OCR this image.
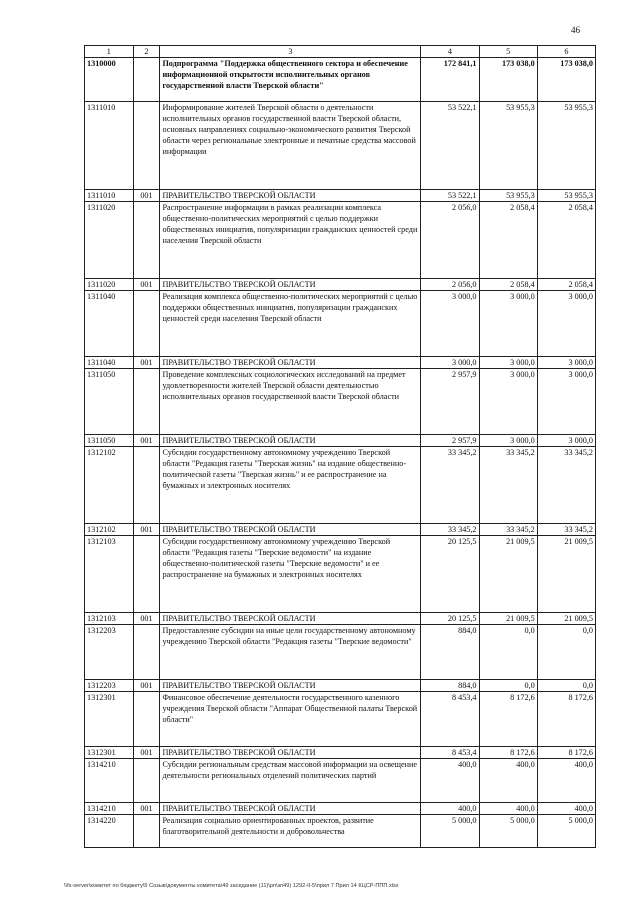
46
1	2	3	4	5	6
1310000		Подпрограмма "Поддержка общественного сектора и обеспечение информационной открытости исполнительных органов государственной власти Тверской области"	172 841,1	173 038,0	173 038,0
1311010		Информирование жителей Тверской области о деятельности исполнительных органов государственной власти Тверской области, основных направлениях социально-экономического развития Тверской области через региональные электронные и печатные средства массовой информации	53 522,1	53 955,3	53 955,3
1311010	001	ПРАВИТЕЛЬСТВО ТВЕРСКОЙ ОБЛАСТИ	53 522,1	53 955,3	53 955,3
1311020		Распространение информации в рамках реализации комплекса общественно-политических мероприятий с целью поддержки общественных инициатив, популяризации гражданских ценностей среди населения Тверской области	2 056,0	2 058,4	2 058,4
1311020	001	ПРАВИТЕЛЬСТВО ТВЕРСКОЙ ОБЛАСТИ	2 056,0	2 058,4	2 058,4
1311040		Реализация комплекса общественно-политических мероприятий с целью поддержки общественных инициатив, популяризации гражданских ценностей среди населения Тверской области	3 000,0	3 000,0	3 000,0
1311040	001	ПРАВИТЕЛЬСТВО ТВЕРСКОЙ ОБЛАСТИ	3 000,0	3 000,0	3 000,0
1311050		Проведение комплексных социологических исследований на предмет удовлетворенности жителей Тверской области деятельностью исполнительных органов государственной власти Тверской области	2 957,9	3 000,0	3 000,0
1311050	001	ПРАВИТЕЛЬСТВО ТВЕРСКОЙ ОБЛАСТИ	2 957,9	3 000,0	3 000,0
1312102		Субсидии государственному автономному учреждению Тверской области "Редакция газеты "Тверская жизнь" на издание общественно-политической газеты "Тверская жизнь" и ее распространение на бумажных и электронных носителях	33 345,2	33 345,2	33 345,2
1312102	001	ПРАВИТЕЛЬСТВО ТВЕРСКОЙ ОБЛАСТИ	33 345,2	33 345,2	33 345,2
1312103		Субсидии государственному автономному учреждению Тверской области "Редакция газеты "Тверские ведомости" на издание общественно-политической газеты "Тверские ведомости" и ее распространение на бумажных и электронных носителях	20 125,5	21 009,5	21 009,5
1312103	001	ПРАВИТЕЛЬСТВО ТВЕРСКОЙ ОБЛАСТИ	20 125,5	21 009,5	21 009,5
1312203		Предоставление субсидии на иные цели государственному автономному учреждению Тверской области "Редакция газеты "Тверские ведомости"	884,0	0,0	0,0
1312203	001	ПРАВИТЕЛЬСТВО ТВЕРСКОЙ ОБЛАСТИ	884,0	0,0	0,0
1312301		Финансовое обеспечение деятельности государственного казенного учреждения Тверской области "Аппарат Общественной палаты Тверской области"	8 453,4	8 172,6	8 172,6
1312301	001	ПРАВИТЕЛЬСТВО ТВЕРСКОЙ ОБЛАСТИ	8 453,4	8 172,6	8 172,6
1314210		Субсидии региональным средствам массовой информации на освещение деятельности региональных отделений политических партий	400,0	400,0	400,0
1314210	001	ПРАВИТЕЛЬСТВО ТВЕРСКОЙ ОБЛАСТИ	400,0	400,0	400,0
1314220		Реализация социально ориентированных проектов, развитие благотворительной деятельности и добровольчества	5 000,0	5 000,0	5 000,0
\\fs-server\комитет по бюджету\5 Созыв\документы комитета\49 заседание (11)\рп\зп49) 1292-II-5\прил 7 Прил 14 КЦСР-ППП.xlsx
